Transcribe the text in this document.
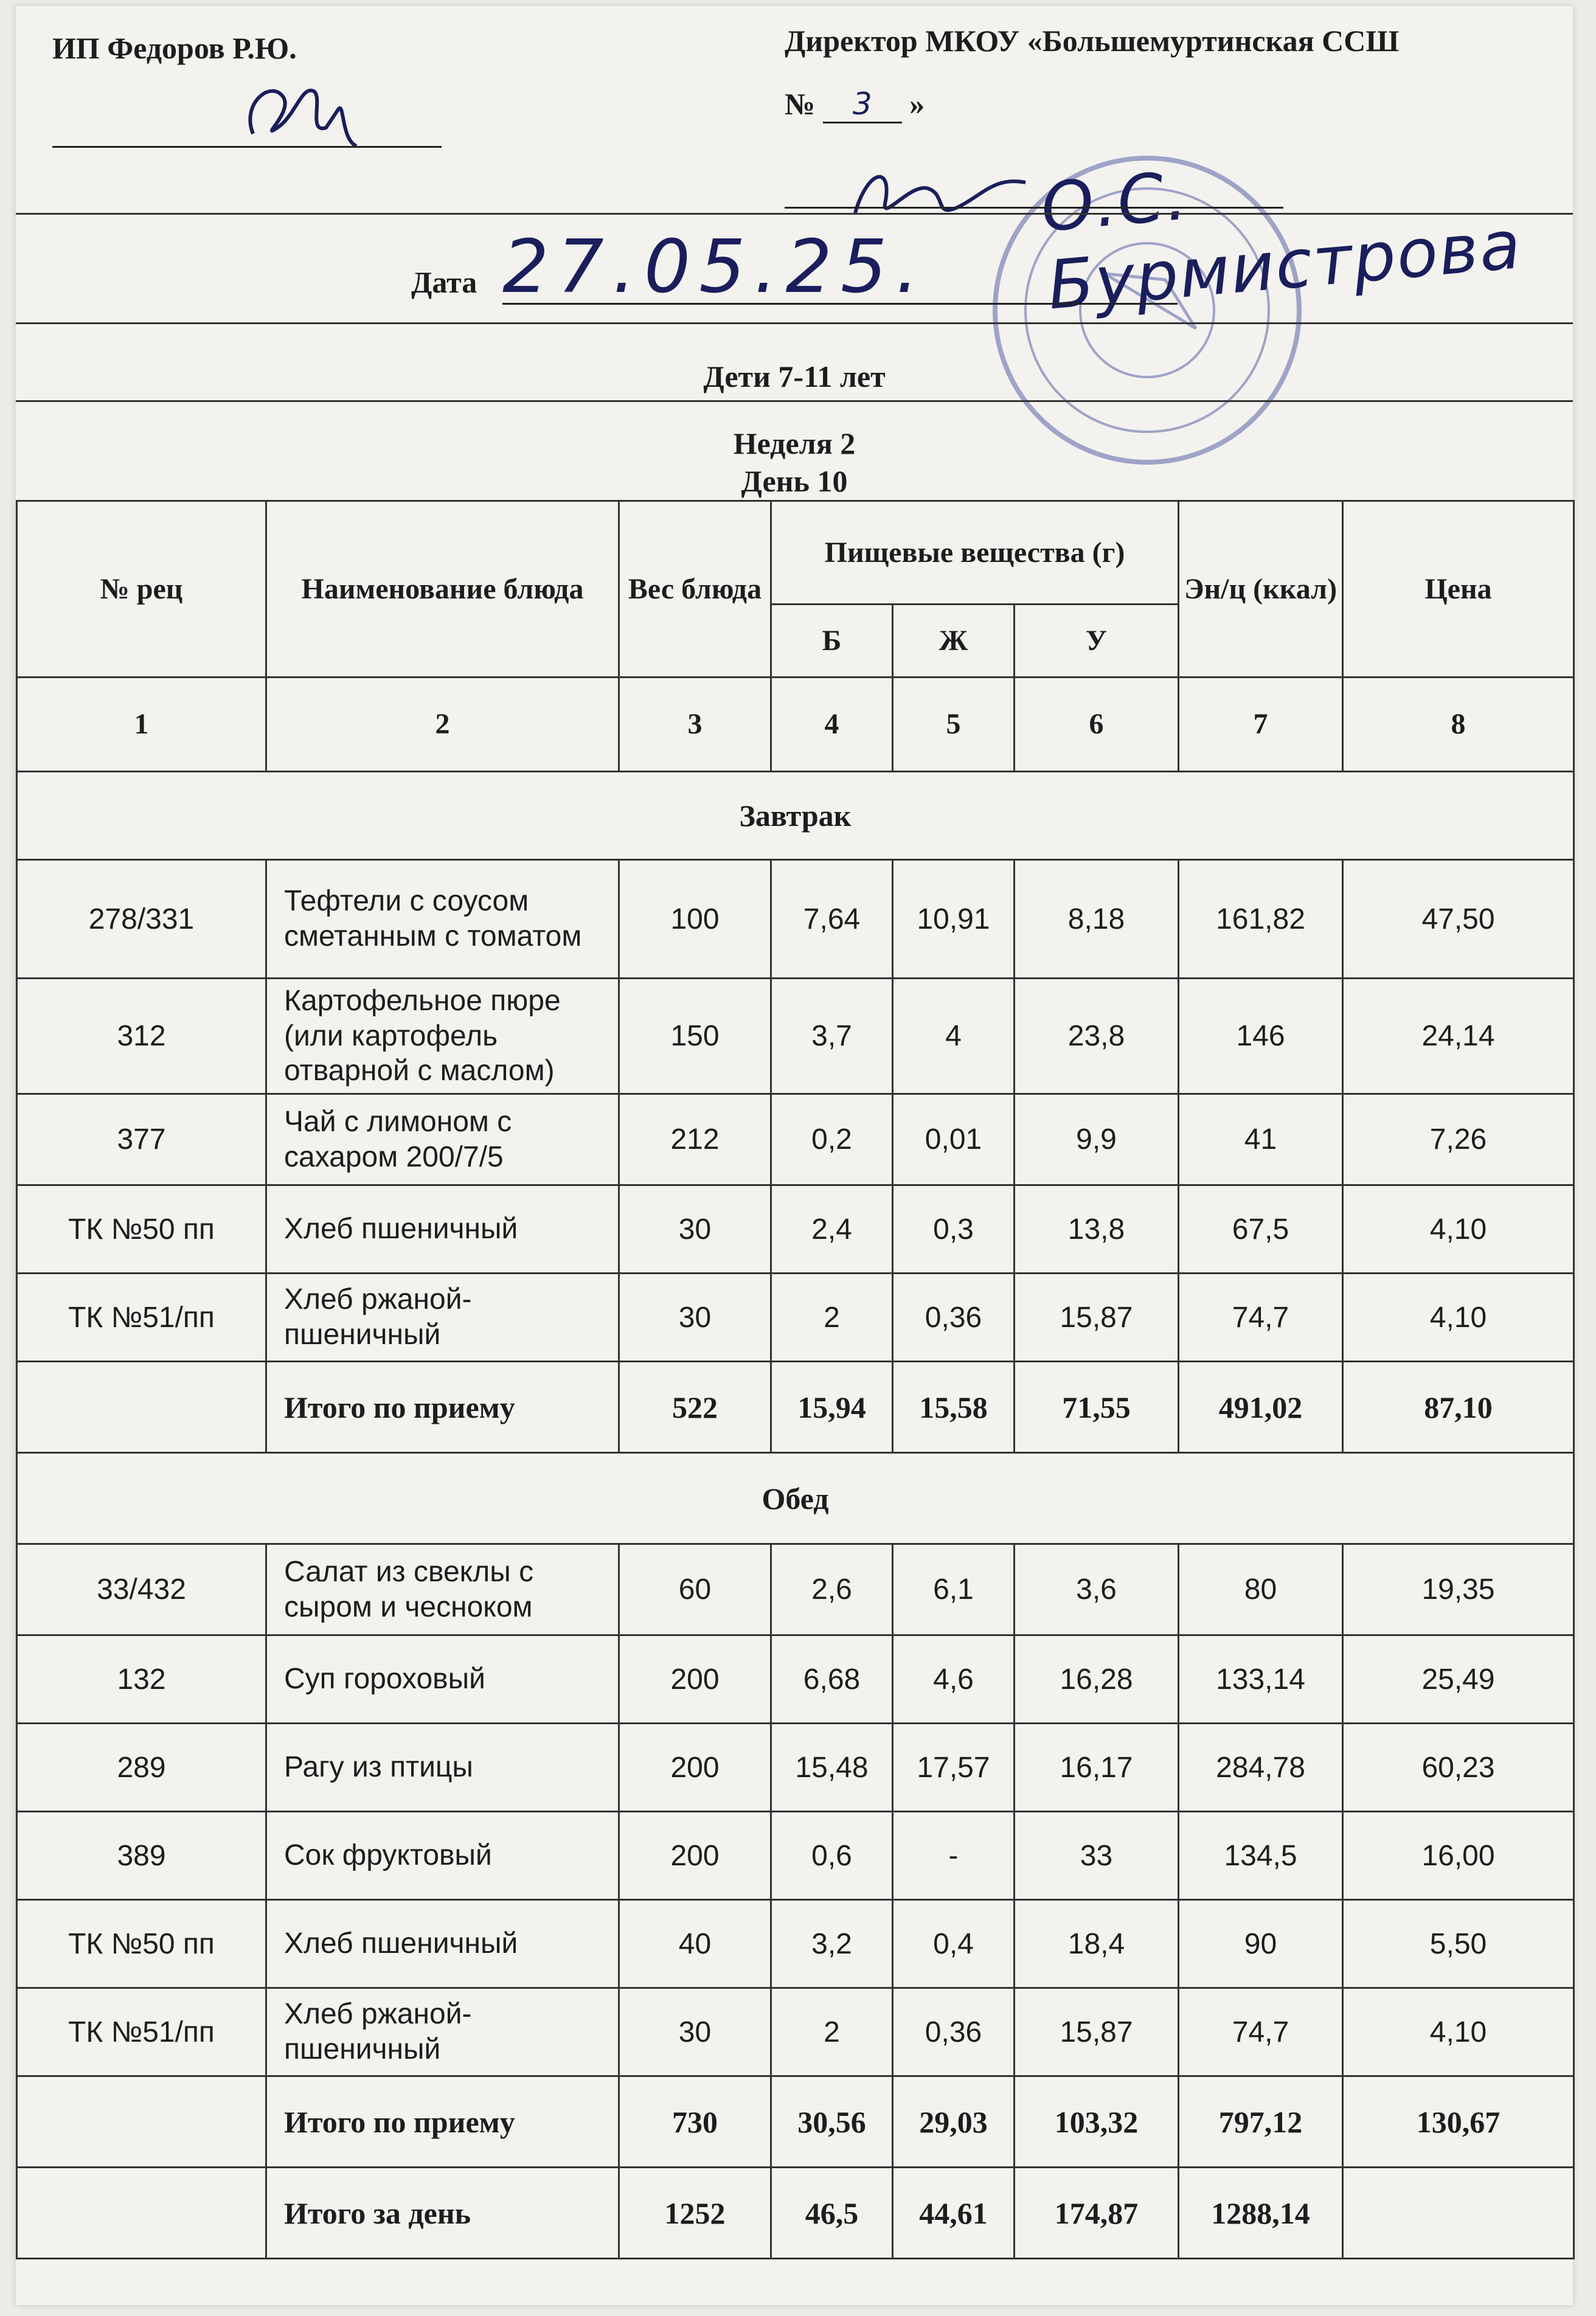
ИП Федоров Р.Ю.	Директор МКОУ «Большемуртинская ССШ
№ 3 »
О.С. Бурмистрова
Дата 27.05.25.
Дети 7-11 лет
Неделя 2
День 10
№ рец	Наименование блюда	Вес блюда	Пищевые вещества (г)			Эн/ц (ккал)	Цена
			Б	Ж	У		
1	2	3	4	5	6	7	8
Завтрак							
278/331	Тефтели с соусом сметанным с томатом	100	7,64	10,91	8,18	161,82	47,50
312	Картофельное пюре (или картофель отварной с маслом)	150	3,7	4	23,8	146	24,14
377	Чай с лимоном с сахаром 200/7/5	212	0,2	0,01	9,9	41	7,26
ТК №50 пп	Хлеб пшеничный	30	2,4	0,3	13,8	67,5	4,10
ТК №51/пп	Хлеб ржаной-пшеничный	30	2	0,36	15,87	74,7	4,10
	Итого по приему	522	15,94	15,58	71,55	491,02	87,10
Обед							
33/432	Салат из свеклы с сыром и чесноком	60	2,6	6,1	3,6	80	19,35
132	Суп гороховый	200	6,68	4,6	16,28	133,14	25,49
289	Рагу из птицы	200	15,48	17,57	16,17	284,78	60,23
389	Сок фруктовый	200	0,6	-	33	134,5	16,00
ТК №50 пп	Хлеб пшеничный	40	3,2	0,4	18,4	90	5,50
ТК №51/пп	Хлеб ржаной-пшеничный	30	2	0,36	15,87	74,7	4,10
	Итого по приему	730	30,56	29,03	103,32	797,12	130,67
	Итого за день	1252	46,5	44,61	174,87	1288,14	
